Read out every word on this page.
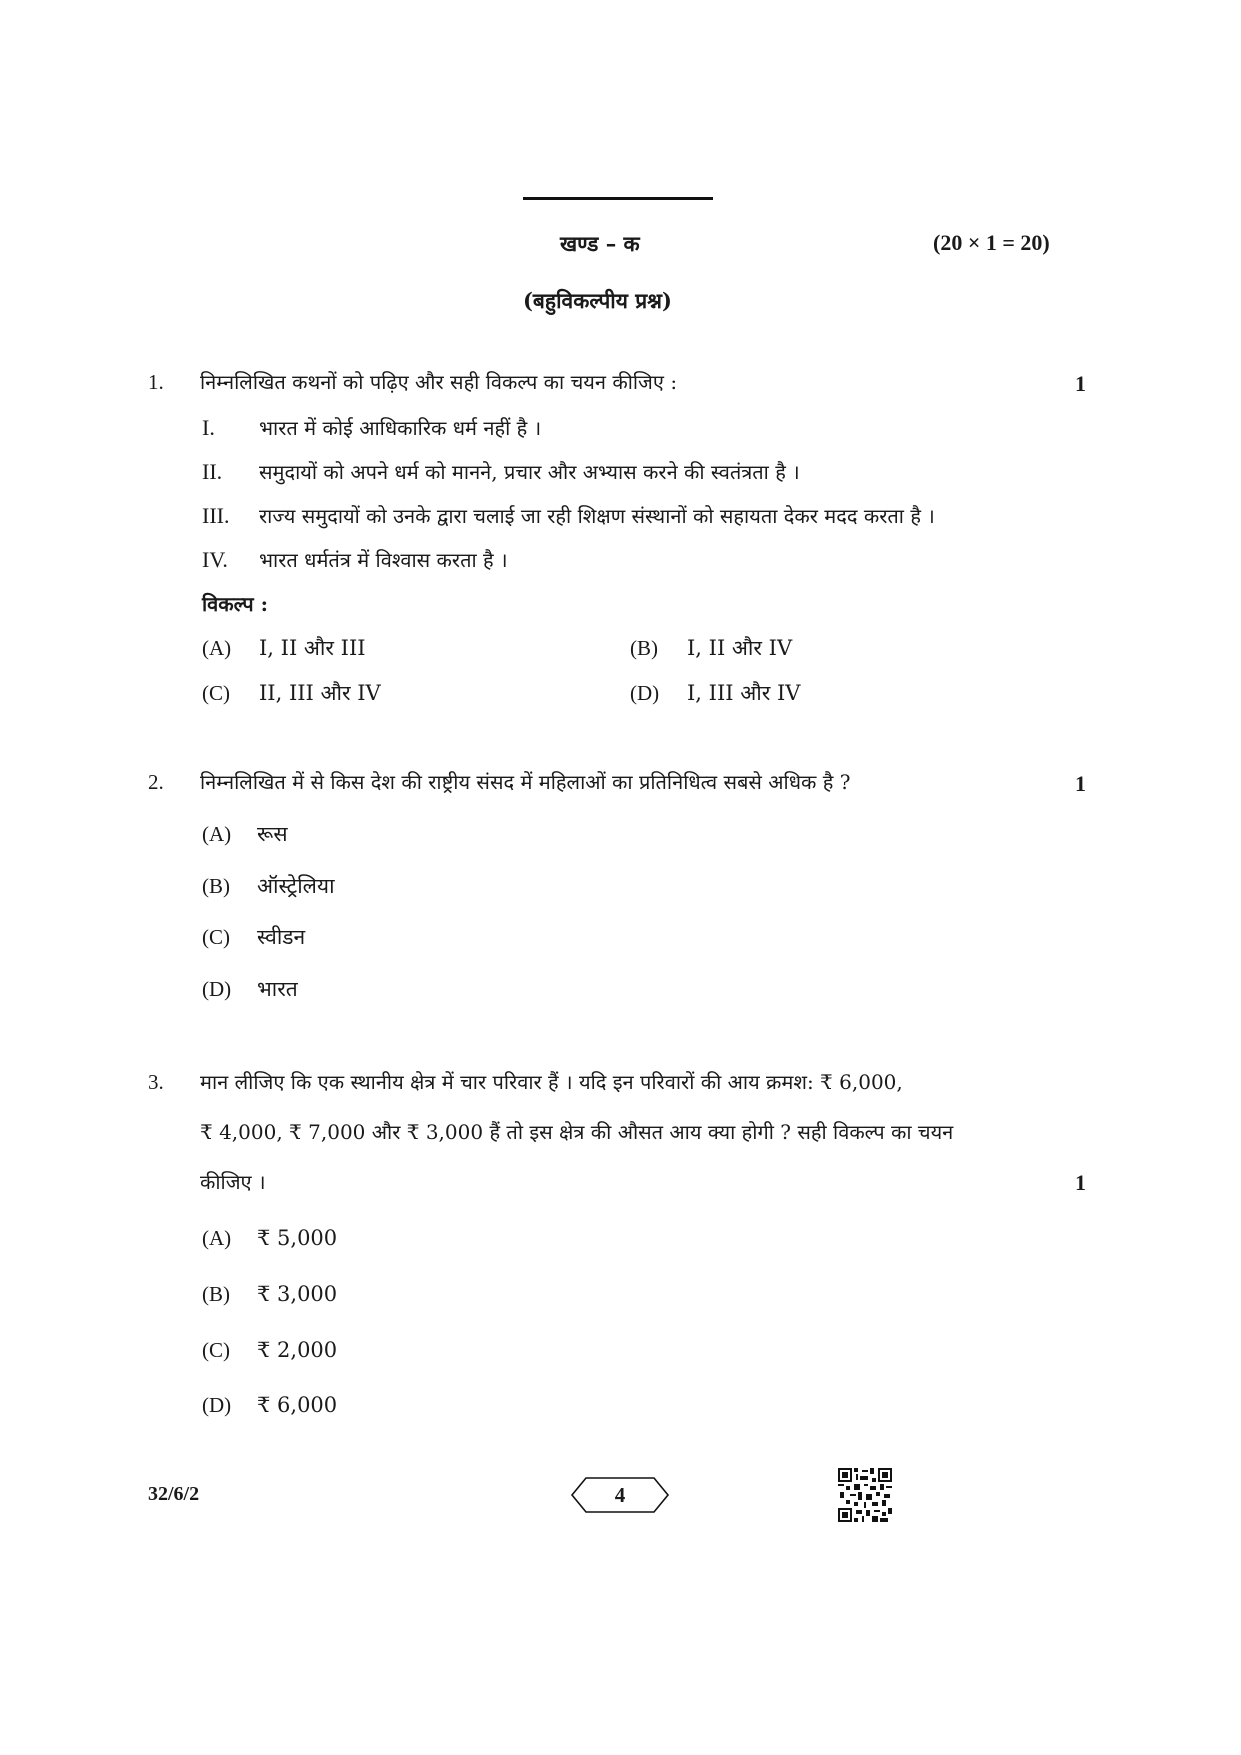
खण्ड – क	(20 × 1 = 20)
(बहुविकल्पीय प्रश्न)
1. निम्नलिखित कथनों को पढ़िए और सही विकल्प का चयन कीजिए :	1
I. भारत में कोई आधिकारिक धर्म नहीं है ।
II. समुदायों को अपने धर्म को मानने, प्रचार और अभ्यास करने की स्वतंत्रता है ।
III. राज्य समुदायों को उनके द्वारा चलाई जा रही शिक्षण संस्थानों को सहायता देकर मदद करता है ।
IV. भारत धर्मतंत्र में विश्वास करता है ।
विकल्प :
(A) I, II और III	(B) I, II और IV
(C) II, III और IV	(D) I, III और IV
2. निम्नलिखित में से किस देश की राष्ट्रीय संसद में महिलाओं का प्रतिनिधित्व सबसे अधिक है ?	1
(A) रूस
(B) ऑस्ट्रेलिया
(C) स्वीडन
(D) भारत
3. मान लीजिए कि एक स्थानीय क्षेत्र में चार परिवार हैं । यदि इन परिवारों की आय क्रमश: ₹ 6,000,
₹ 4,000, ₹ 7,000 और ₹ 3,000 हैं तो इस क्षेत्र की औसत आय क्या होगी ? सही विकल्प का चयन
कीजिए ।	1
(A) ₹ 5,000
(B) ₹ 3,000
(C) ₹ 2,000
(D) ₹ 6,000
32/6/2	4
